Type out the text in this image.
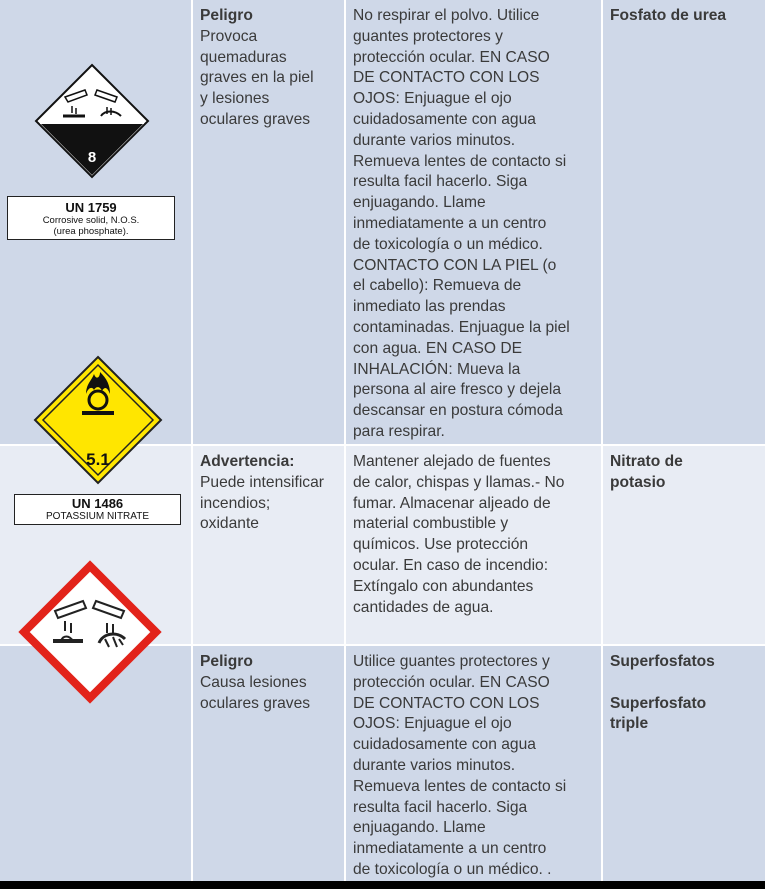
Peligro
Provoca
quemaduras
graves en la piel
y lesiones
oculares graves
No respirar el polvo. Utilice
guantes protectores y
protección ocular. EN CASO
DE CONTACTO CON LOS
OJOS: Enjuague el ojo
cuidadosamente con agua
durante varios minutos.
Remueva lentes de contacto si
resulta facil hacerlo. Siga
enjuagando. Llame
inmediatamente a un centro
de toxicología o un médico.
CONTACTO CON LA PIEL (o
el cabello): Remueva de
inmediato las prendas
contaminadas. Enjuague la piel
con agua. EN CASO DE
INHALACIÓN: Mueva la
persona al aire fresco y dejela
descansar en postura cómoda
para respirar.
Fosfato de urea
Advertencia:
Puede intensificar
incendios;
oxidante
Mantener alejado de fuentes
de calor, chispas y llamas.- No
fumar. Almacenar aljeado de
material combustible y
químicos. Use protección
ocular. En caso de incendio:
Extíngalo con abundantes
cantidades de agua.
Nitrato de
potasio
Peligro
Causa lesiones
oculares graves
Utilice guantes protectores y
protección ocular. EN CASO
DE CONTACTO CON LOS
OJOS: Enjuague el ojo
cuidadosamente con agua
durante varios minutos.
Remueva lentes de contacto si
resulta facil hacerlo. Siga
enjuagando. Llame
inmediatamente a un centro
de toxicología o un médico. .
Superfosfatos
Superfosfato
triple
8
UN 1759
Corrosive solid, N.O.S.
(urea phosphate).
5.1
UN 1486
POTASSIUM NITRATE
